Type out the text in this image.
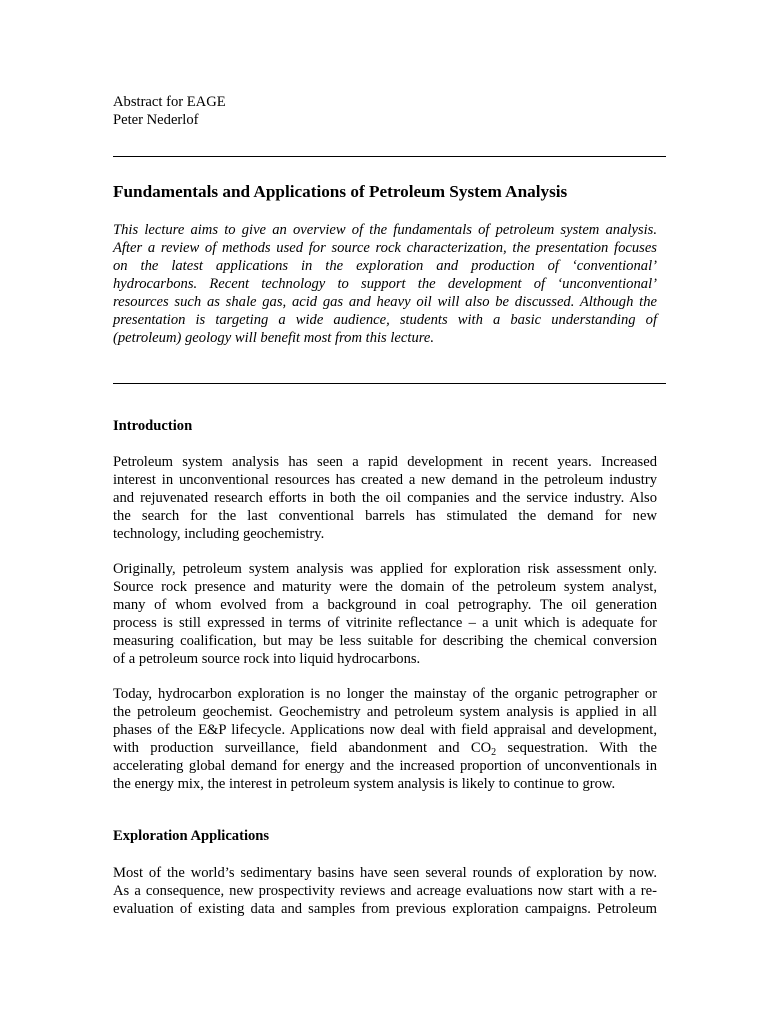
Abstract for EAGE
Peter Nederlof
Fundamentals and Applications of Petroleum System Analysis
This lecture aims to give an overview of the fundamentals of petroleum system analysis.
After a review of methods used for source rock characterization, the presentation focuses
on the latest applications in the exploration and production of ‘conventional’
hydrocarbons. Recent technology to support the development of ‘unconventional’
resources such as shale gas, acid gas and heavy oil will also be discussed. Although the
presentation is targeting a wide audience, students with a basic understanding of
(petroleum) geology will benefit most from this lecture.
Introduction
Petroleum system analysis has seen a rapid development in recent years. Increased
interest in unconventional resources has created a new demand in the petroleum industry
and rejuvenated research efforts in both the oil companies and the service industry. Also
the search for the last conventional barrels has stimulated the demand for new
technology, including geochemistry.
Originally, petroleum system analysis was applied for exploration risk assessment only.
Source rock presence and maturity were the domain of the petroleum system analyst,
many of whom evolved from a background in coal petrography. The oil generation
process is still expressed in terms of vitrinite reflectance – a unit which is adequate for
measuring coalification, but may be less suitable for describing the chemical conversion
of a petroleum source rock into liquid hydrocarbons.
Today, hydrocarbon exploration is no longer the mainstay of the organic petrographer or
the petroleum geochemist. Geochemistry and petroleum system analysis is applied in all
phases of the E&P lifecycle. Applications now deal with field appraisal and development,
with production surveillance, field abandonment and $CO_2$ sequestration. With the
accelerating global demand for energy and the increased proportion of unconventionals in
the energy mix, the interest in petroleum system analysis is likely to continue to grow.
Exploration Applications
Most of the world’s sedimentary basins have seen several rounds of exploration by now.
As a consequence, new prospectivity reviews and acreage evaluations now start with a re-
evaluation of existing data and samples from previous exploration campaigns. Petroleum
